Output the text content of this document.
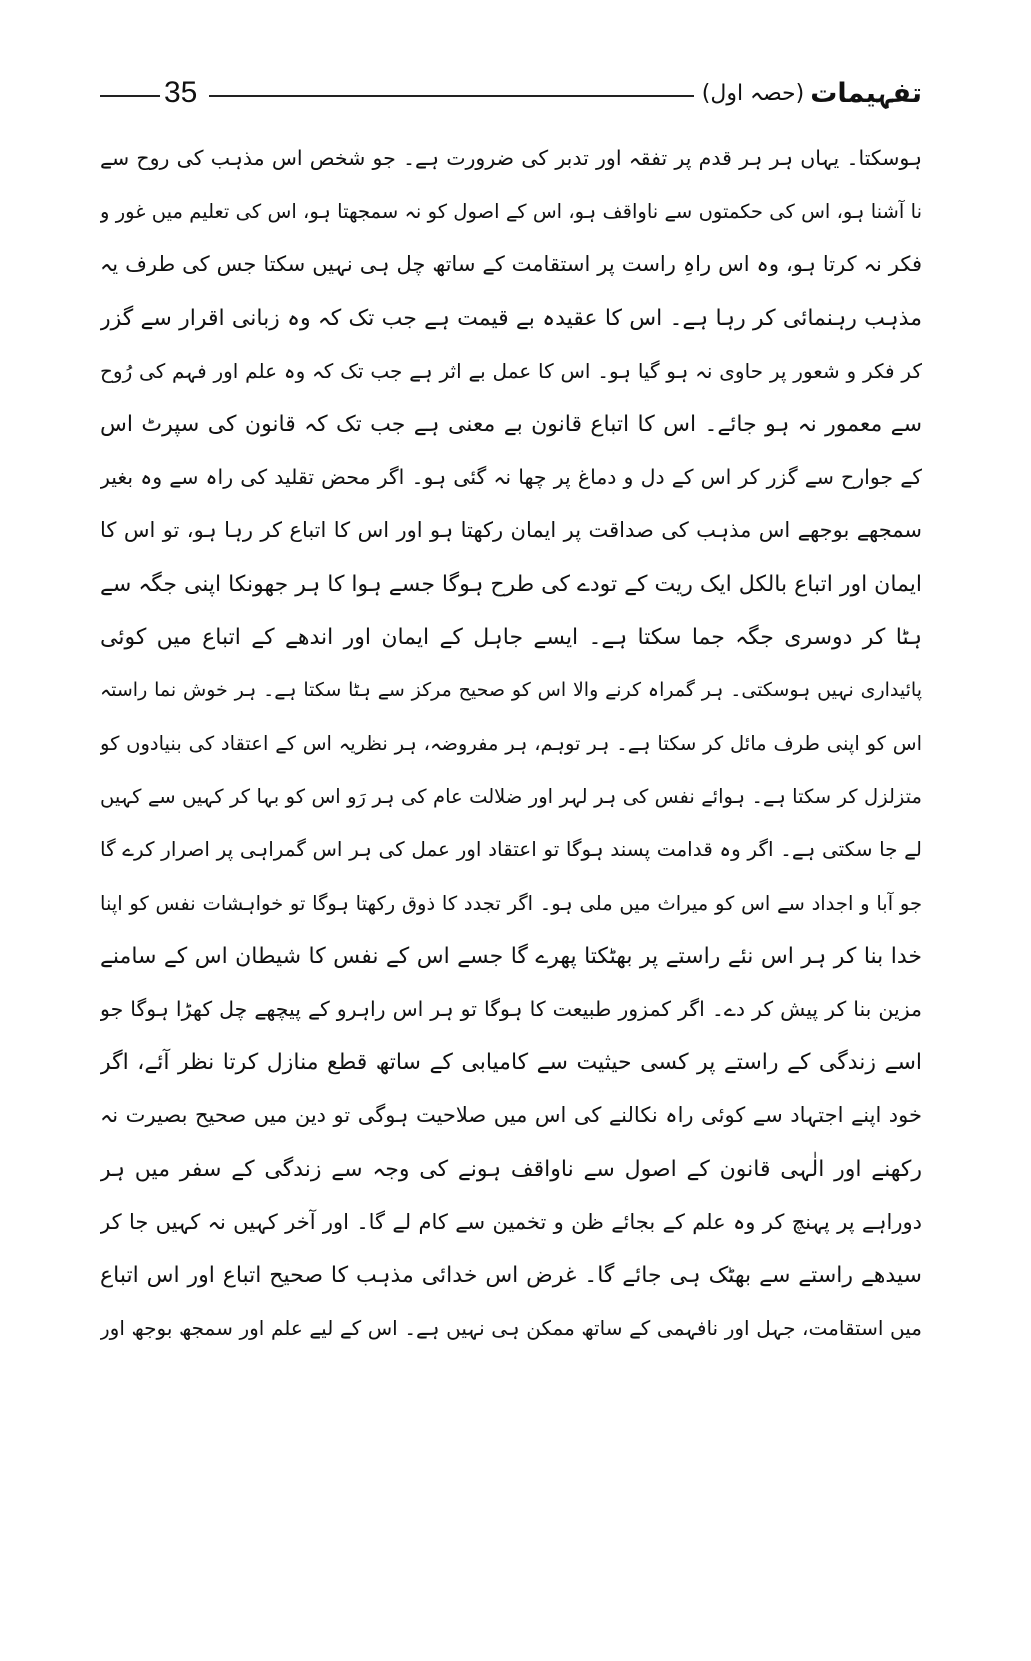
تفہیمات
(حصہ اول)
35
ہوسکتا۔ یہاں ہر ہر قدم پر تفقہ اور تدبر کی ضرورت ہے۔ جو شخص اس مذہب کی روح سے
نا آشنا ہو، اس کی حکمتوں سے ناواقف ہو، اس کے اصول کو نہ سمجھتا ہو، اس کی تعلیم میں غور و
فکر نہ کرتا ہو، وہ اس راہِ راست پر استقامت کے ساتھ چل ہی نہیں سکتا جس کی طرف یہ
مذہب رہنمائی کر رہا ہے۔ اس کا عقیدہ بے قیمت ہے جب تک کہ وہ زبانی اقرار سے گزر
کر فکر و شعور پر حاوی نہ ہو گیا ہو۔ اس کا عمل بے اثر ہے جب تک کہ وہ علم اور فہم کی رُوح
سے معمور نہ ہو جائے۔ اس کا اتباع قانون بے معنی ہے جب تک کہ قانون کی سپرٹ اس
کے جوارح سے گزر کر اس کے دل و دماغ پر چھا نہ گئی ہو۔ اگر محض تقلید کی راہ سے وہ بغیر
سمجھے بوجھے اس مذہب کی صداقت پر ایمان رکھتا ہو اور اس کا اتباع کر رہا ہو، تو اس کا
ایمان اور اتباع بالکل ایک ریت کے تودے کی طرح ہوگا جسے ہوا کا ہر جھونکا اپنی جگہ سے
ہٹا کر دوسری جگہ جما سکتا ہے۔ ایسے جاہل کے ایمان اور اندھے کے اتباع میں کوئی
پائیداری نہیں ہوسکتی۔ ہر گمراہ کرنے والا اس کو صحیح مرکز سے ہٹا سکتا ہے۔ ہر خوش نما راستہ
اس کو اپنی طرف مائل کر سکتا ہے۔ ہر توہم، ہر مفروضہ، ہر نظریہ اس کے اعتقاد کی بنیادوں کو
متزلزل کر سکتا ہے۔ ہوائے نفس کی ہر لہر اور ضلالت عام کی ہر رَو اس کو بہا کر کہیں سے کہیں
لے جا سکتی ہے۔ اگر وہ قدامت پسند ہوگا تو اعتقاد اور عمل کی ہر اس گمراہی پر اصرار کرے گا
جو آبا و اجداد سے اس کو میراث میں ملی ہو۔ اگر تجدد کا ذوق رکھتا ہوگا تو خواہشات نفس کو اپنا
خدا بنا کر ہر اس نئے راستے پر بھٹکتا پھرے گا جسے اس کے نفس کا شیطان اس کے سامنے
مزین بنا کر پیش کر دے۔ اگر کمزور طبیعت کا ہوگا تو ہر اس راہرو کے پیچھے چل کھڑا ہوگا جو
اسے زندگی کے راستے پر کسی حیثیت سے کامیابی کے ساتھ قطع منازل کرتا نظر آئے، اگر
خود اپنے اجتہاد سے کوئی راہ نکالنے کی اس میں صلاحیت ہوگی تو دین میں صحیح بصیرت نہ
رکھنے اور الٰہی قانون کے اصول سے ناواقف ہونے کی وجہ سے زندگی کے سفر میں ہر
دوراہے پر پہنچ کر وہ علم کے بجائے ظن و تخمین سے کام لے گا۔ اور آخر کہیں نہ کہیں جا کر
سیدھے راستے سے بھٹک ہی جائے گا۔ غرض اس خدائی مذہب کا صحیح اتباع اور اس اتباع
میں استقامت، جہل اور نافہمی کے ساتھ ممکن ہی نہیں ہے۔ اس کے لیے علم اور سمجھ بوجھ اور
